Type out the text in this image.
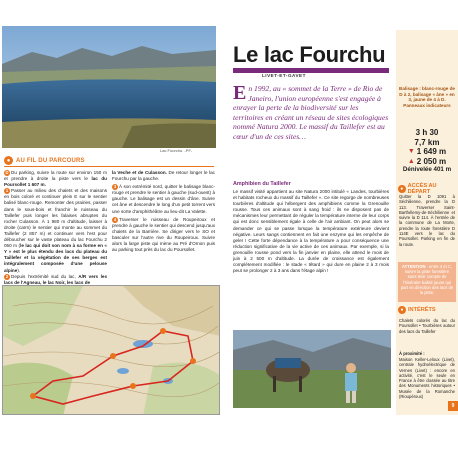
Lac Fourchu. -PF-
● AU FIL DU PARCOURS

D Du parking, suivre la route sur environ 150 m et prendre à droite la piste vers le lac du Poursollet 1 607 m.

1 Passer au milieu des chalets et des maisons en bois coloré et continuer plein E sur le sentier balisé blanc-rouge. Remonter des prairies, passer dans le sous-bois et franchir le ruisseau du Taillefer puis longer les falaises abruptes du rocher Culasson. À 1 980 m d'altitude, laisser à droite (caïrn) le sentier qui monte au sommet du Taillefer (2 857 m) et continuer vers l'est pour déboucher sur le vaste plateau du lac Fourchu 2 050 m (le lac qui doit son nom à sa forme en « Y » est le plus étendu des lacs du plateau du Taillefer et la végétation de ses berges est intégralement composée d'une pelouse alpine).

2 Depuis l'extrémité sud du lac, A/R vers les lacs de l'Agneau, le lac Noir, les lacs de

la Veche et de Culasson. De retour longer le lac Fourchu par la gauche.

3 À son extrémité nord, quitter le balisage blanc-rouge et prendre le sentier à gauche (sud-ouest) à gauche. Le balisage est un dessin d'âne. Suivre cet âne et descendre le long d'un petit torrent vers une sorte d'amphithéâtre au lieu-dit La Valette.

4 Traverser le ruisseau de Roupeiroux et prendre à gauche le sentier qui descend jusqu'aux chalets de la Barrière. Se diriger vers le SO et basculer sur l'autre rive du Roupeiroux. Suivre alors la large piste qui mène au Pré d'Ornon puis au parking tout près du lac du Poursollet.

Le lac Fourchu
LIVET-ET-GAVET
En 1992, au « sommet de la Terre » de Rio de Janeiro, l'union européenne s'est engagée à enrayer la perte de la biodiversité sur les territoires en créant un réseau de sites écologiques nommé Natura 2000. Le massif du Taillefer est au cœur d'un de ces sites…
Amphibien du Taillefer
Le massif visité appartient au site Natura 2000 intitulé « Landes, tourbières et habitats rocheux du massif du Taillefer ». Ce site regorge de nombreuses tourbières d'altitude qui hébergent des amphibiens comme la Grenouille rousse. Tous ces animaux sont à sang froid : ils ne disposent pas de mécanismes leur permettant de réguler la température interne de leur corps qui est donc sensiblement égale à celle de l'air ambiant. On peut alors se demander ce qui se passe lorsque la température extérieure devient négative. Leurs sangs contiennent en fait une enzyme qui les empêche de geler ! Cette forte dépendance à la température a pour conséquence une réduction significative de la vie active de ces animaux. Par exemple, si la grenouille rousse pond vers la fin janvier en plaine, elle attend le mois de juin à 2 500 m d'altitude. La durée de croissance est également complètement modifiée : le stade « têtard » qui dure en plaine 2 à 3 mois peut se prolonger 2 à 3 ans dans l'étage alpin !
Balisage : blanc-rouge de D à 2, balisage « âne » en 3, jaune de 4 à D. Panneaux indicateurs
3 h 30
7,7 km
▼ 1 649 m
▲ 2 050 m
Dénivelée 401 m
● ACCÈS AU DÉPART
Quitter la D 1091 à Séchilienne, prendre la D 113. Traverser Saint-Barthélemy-de-Séchilienne et suivre la D 114. À l'entrée de la commune de La Morte, prendre la route forestière D 114E vers le lac du Poursollet. Parking en fin de la route.
ATTENTION : entre 4 et C, suivre la piste forestière sans tenir compte de l'itinéraire balisé jaune qui part en direction des lacs de la piste.
● INTÉRÊTS
Chalets colorés du lac du Poursollet • Tourbières autour des lacs du Taillefer
À proximité :
Maison Keller-Leloux (Livet), centrale hydroélectrique de Vernes (Livet) : encore en activité, c'est le seule en France à être classée au titre des Monuments historiques • Musée de la Romanche (Rioupéroux)
9
